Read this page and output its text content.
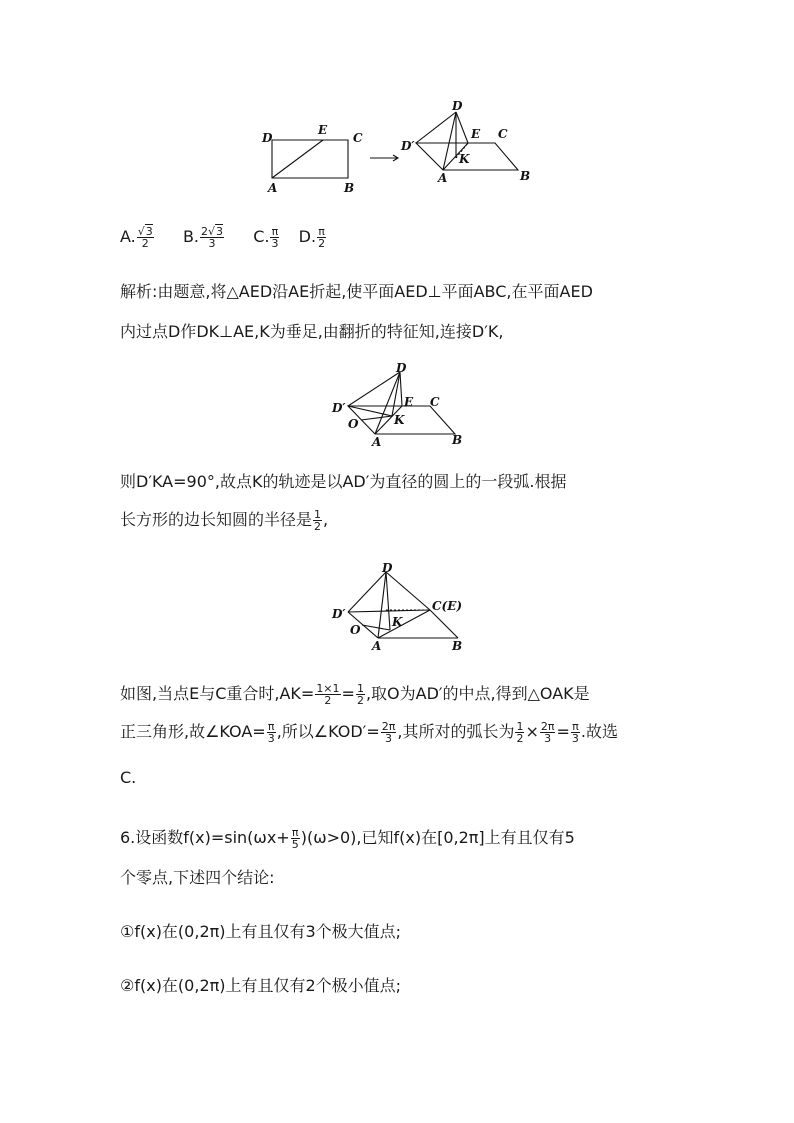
D
E
C
A	B
D
D′
E C
K
A	B
A. $\frac{√3}{2} B$. $\frac{2√3}{3} C$. $\frac{\pi}{3} D$. $\frac{\pi}{2}$
解析:由题意,将△AED沿AE折起,使平面AED⊥平面ABC,在平面AED
内过点D作DK⊥AE,K为垂足,由翻折的特征知,连接D′K,
D
D′
O
E C
K
A	B
则D′KA=90°,故点K的轨迹是以AD′为直径的圆上的一段弧.根据
长方形的边长知圆的半径是 $\frac{1}{2}$ ,
D
D′
O
C(E)
K
A	B
如图,当点E与C重合时$,AK= \frac{1\times 1}{2} = \frac{1}{2}$ ,取O为AD′的中点,得到△OAK是
正三角形,故∠KOA= $\frac{\pi}{3}$ ,所以∠KOD′= $\frac{2\pi}{3}$ ,其所对的弧长为 $\frac{1}{2} \times \frac{2\pi}{3} = \frac{\pi}{3}$ .故选
C.
6.设函数$f(x)=\sin(\omega x+ \frac{\pi}{5} )(\omega>0)$,已知f(x)在[0,2π]上有且仅有5
个零点,下述四个结论:
①f(x)在(0,2π)上有且仅有3个极大值点;
②f(x)在(0,2π)上有且仅有2个极小值点;
